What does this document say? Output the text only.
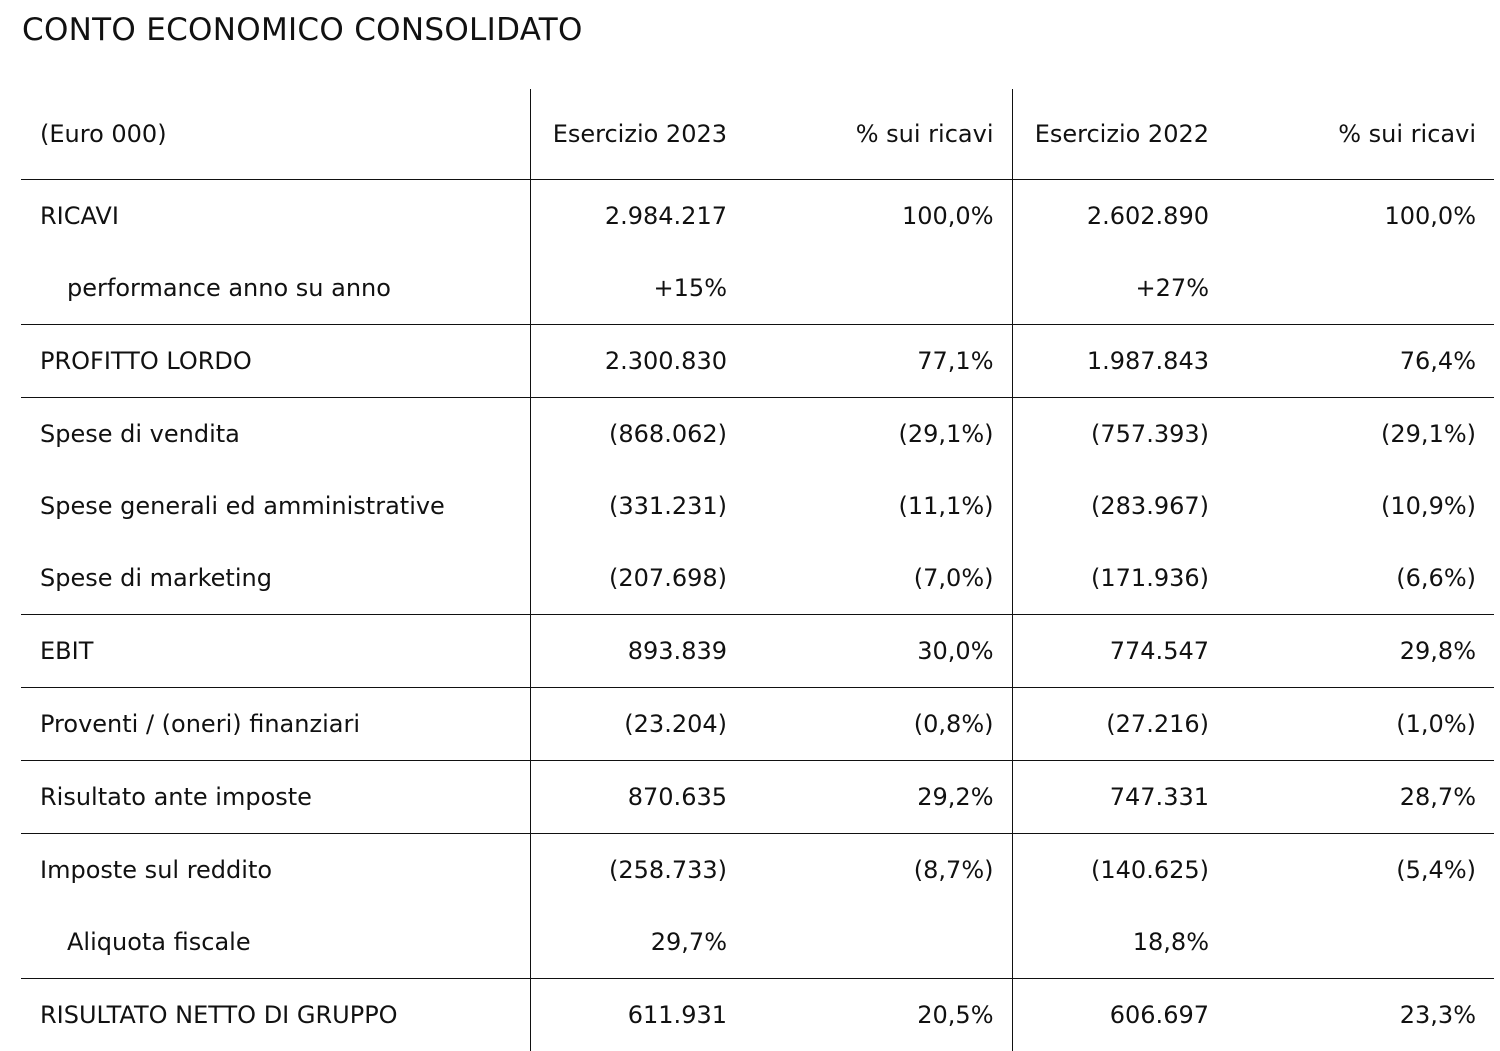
CONTO ECONOMICO CONSOLIDATO
(Euro 000)	Esercizio 2023	% sui ricavi	Esercizio 2022	% sui ricavi
RICAVI	2.984.217	100,0%	2.602.890	100,0%
performance anno su anno	+15%		+27%	
PROFITTO LORDO	2.300.830	77,1%	1.987.843	76,4%
Spese di vendita	(868.062)	(29,1%)	(757.393)	(29,1%)
Spese generali ed amministrative	(331.231)	(11,1%)	(283.967)	(10,9%)
Spese di marketing	(207.698)	(7,0%)	(171.936)	(6,6%)
EBIT	893.839	30,0%	774.547	29,8%
Proventi / (oneri) finanziari	(23.204)	(0,8%)	(27.216)	(1,0%)
Risultato ante imposte	870.635	29,2%	747.331	28,7%
Imposte sul reddito	(258.733)	(8,7%)	(140.625)	(5,4%)
Aliquota fiscale	29,7%		18,8%	
RISULTATO NETTO DI GRUPPO	611.931	20,5%	606.697	23,3%
